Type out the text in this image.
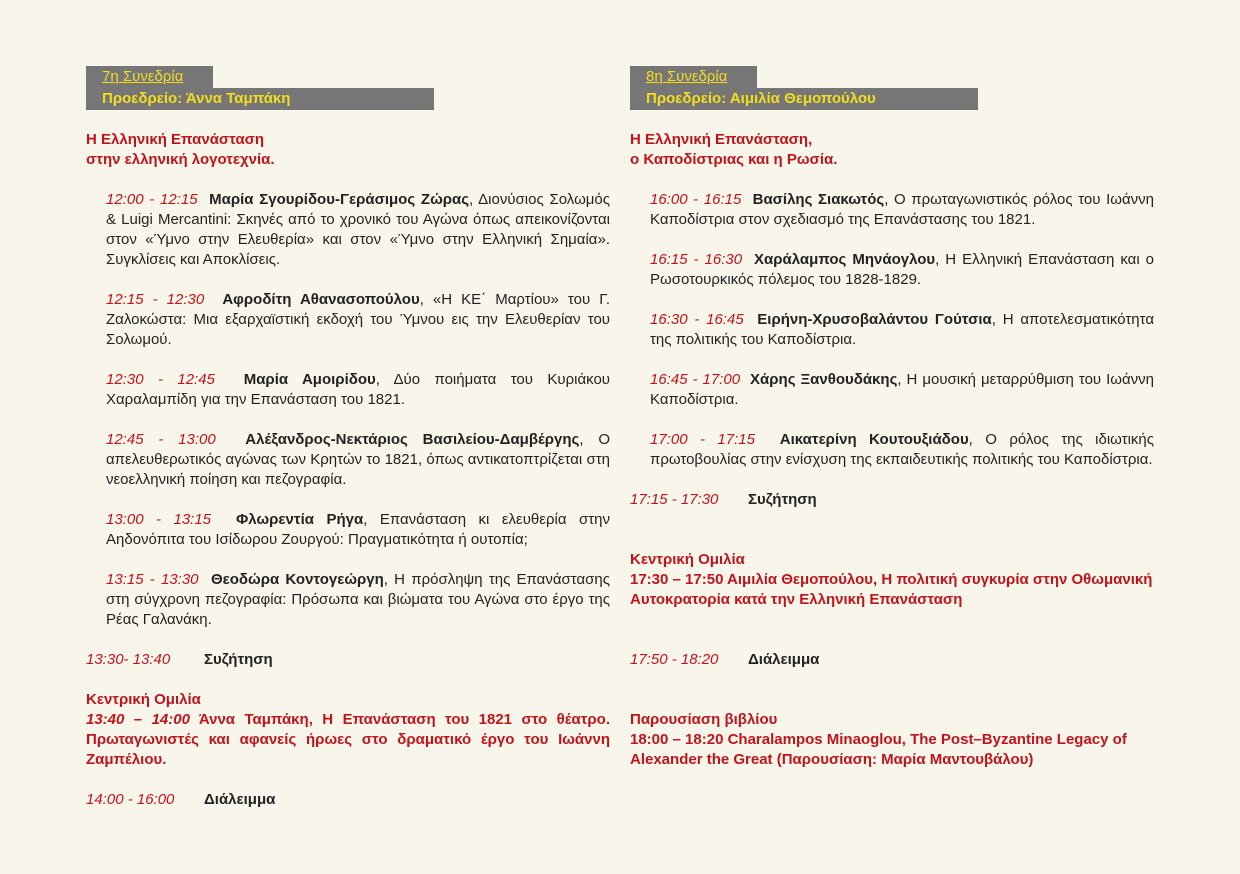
7η Συνεδρία
Προεδρείο: Άννα Ταμπάκη
Η Ελληνική Επανάσταση
στην ελληνική λογοτεχνία.
12:00 - 12:15 Μαρία Σγουρίδου-Γεράσιμος Ζώρας, Διονύσιος Σολωμός & Luigi Mercantini: Σκηνές από το χρονικό του Αγώνα όπως απεικονίζονται στον «Ύμνο στην Ελευθερία» και στον «Ύμνο στην Ελληνική Σημαία». Συγκλίσεις και Αποκλίσεις.
12:15 - 12:30 Αφροδίτη Αθανασοπούλου, «Η ΚΕ΄ Μαρτίου» του Γ. Ζαλοκώστα: Μια εξαρχαϊστική εκδοχή του Ύμνου εις την Ελευθερίαν του Σολωμού.
12:30 - 12:45 Μαρία Αμοιρίδου, Δύο ποιήματα του Κυριάκου Χαραλαμπίδη για την Επανάσταση του 1821.
12:45 - 13:00 Αλέξανδρος-Νεκτάριος Βασιλείου-Δαμβέργης, Ο απελευθερωτικός αγώνας των Κρητών το 1821, όπως αντικατοπτρίζεται στη νεοελληνική ποίηση και πεζογραφία.
13:00 - 13:15 Φλωρεντία Ρήγα, Επανάσταση κι ελευθερία στην Αηδονόπιτα του Ισίδωρου Ζουργού: Πραγματικότητα ή ουτοπία;
13:15 - 13:30 Θεοδώρα Κοντογεώργη, Η πρόσληψη της Επανάστασης στη σύγχρονη πεζογραφία: Πρόσωπα και βιώματα του Αγώνα στο έργο της Ρέας Γαλανάκη.
13:30- 13:40 Συζήτηση
Κεντρική Ομιλία
13:40 – 14:00 Άννα Ταμπάκη, Η Επανάσταση του 1821 στο θέατρο. Πρωταγωνιστές και αφανείς ήρωες στο δραματικό έργο του Ιωάννη Ζαμπέλιου.
14:00 - 16:00 Διάλειμμα
8η Συνεδρία
Προεδρείο: Αιμιλία Θεμοπούλου
Η Ελληνική Επανάσταση,
ο Καποδίστριας και η Ρωσία.
16:00 - 16:15 Βασίλης Σιακωτός, Ο πρωταγωνιστικός ρόλος του Ιωάννη Καποδίστρια στον σχεδιασμό της Επανάστασης του 1821.
16:15 - 16:30 Χαράλαμπος Μηνάογλου, Η Ελληνική Επανάσταση και ο Ρωσοτουρκικός πόλεμος του 1828-1829.
16:30 - 16:45 Ειρήνη-Χρυσοβαλάντου Γούτσια, Η αποτελεσματικότητα της πολιτικής του Καποδίστρια.
16:45 - 17:00 Χάρης Ξανθουδάκης, Η μουσική μεταρρύθμιση του Ιωάννη Καποδίστρια.
17:00 - 17:15 Αικατερίνη Κουτουξιάδου, Ο ρόλος της ιδιωτικής πρωτοβουλίας στην ενίσχυση της εκπαιδευτικής πολιτικής του Καποδίστρια.
17:15 - 17:30 Συζήτηση
Κεντρική Ομιλία
17:30 – 17:50 Αιμιλία Θεμοπούλου, Η πολιτική συγκυρία στην Οθωμανική Αυτοκρατορία κατά την Ελληνική Επανάσταση
17:50 - 18:20 Διάλειμμα
Παρουσίαση βιβλίου
18:00 – 18:20 Charalampos Minaoglou, The Post–Byzantine Legacy of Alexander the Great (Παρουσίαση: Μαρία Μαντουβάλου)
